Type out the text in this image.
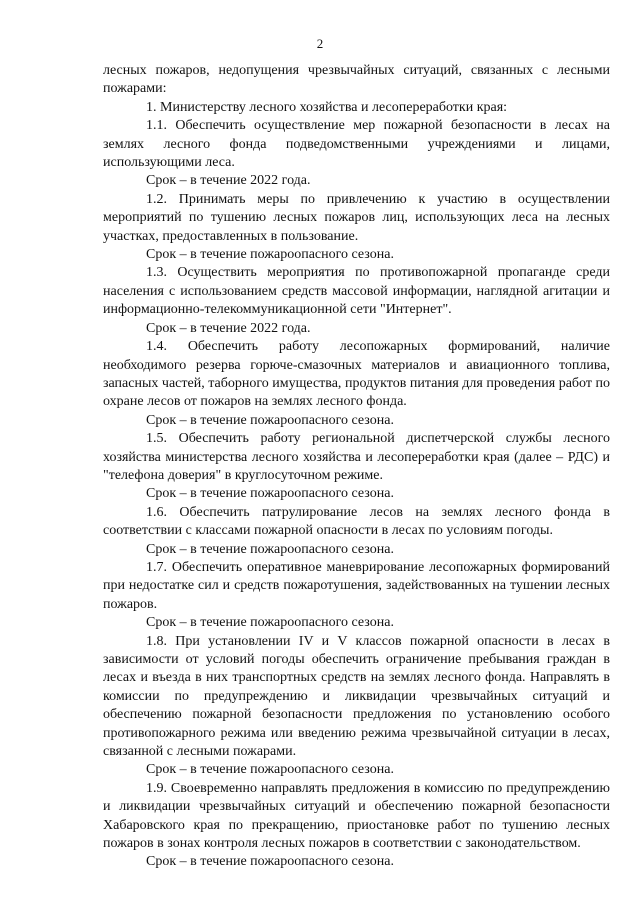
2

лесных пожаров, недопущения чрезвычайных ситуаций, связанных с лесными пожарами:

1. Министерству лесного хозяйства и лесопереработки края:

1.1. Обеспечить осуществление мер пожарной безопасности в лесах на землях лесного фонда подведомственными учреждениями и лицами, использующими леса.

Срок – в течение 2022 года.

1.2. Принимать меры по привлечению к участию в осуществлении мероприятий по тушению лесных пожаров лиц, использующих леса на лесных участках, предоставленных в пользование.

Срок – в течение пожароопасного сезона.

1.3. Осуществить мероприятия по противопожарной пропаганде среди населения с использованием средств массовой информации, наглядной агитации и информационно-телекоммуникационной сети "Интернет".

Срок – в течение 2022 года.

1.4. Обеспечить работу лесопожарных формирований, наличие необходимого резерва горюче-смазочных материалов и авиационного топлива, запасных частей, таборного имущества, продуктов питания для проведения работ по охране лесов от пожаров на землях лесного фонда.

Срок – в течение пожароопасного сезона.

1.5. Обеспечить работу региональной диспетчерской службы лесного хозяйства министерства лесного хозяйства и лесопереработки края (далее – РДС) и "телефона доверия" в круглосуточном режиме.

Срок – в течение пожароопасного сезона.

1.6. Обеспечить патрулирование лесов на землях лесного фонда в соответствии с классами пожарной опасности в лесах по условиям погоды.

Срок – в течение пожароопасного сезона.

1.7. Обеспечить оперативное маневрирование лесопожарных формирований при недостатке сил и средств пожаротушения, задействованных на тушении лесных пожаров.

Срок – в течение пожароопасного сезона.

1.8. При установлении IV и V классов пожарной опасности в лесах в зависимости от условий погоды обеспечить ограничение пребывания граждан в лесах и въезда в них транспортных средств на землях лесного фонда. Направлять в комиссии по предупреждению и ликвидации чрезвычайных ситуаций и обеспечению пожарной безопасности предложения по установлению особого противопожарного режима или введению режима чрезвычайной ситуации в лесах, связанной с лесными пожарами.

Срок – в течение пожароопасного сезона.

1.9. Своевременно направлять предложения в комиссию по предупреждению и ликвидации чрезвычайных ситуаций и обеспечению пожарной безопасности Хабаровского края по прекращению, приостановке работ по тушению лесных пожаров в зонах контроля лесных пожаров в соответствии с законодательством.

Срок – в течение пожароопасного сезона.
